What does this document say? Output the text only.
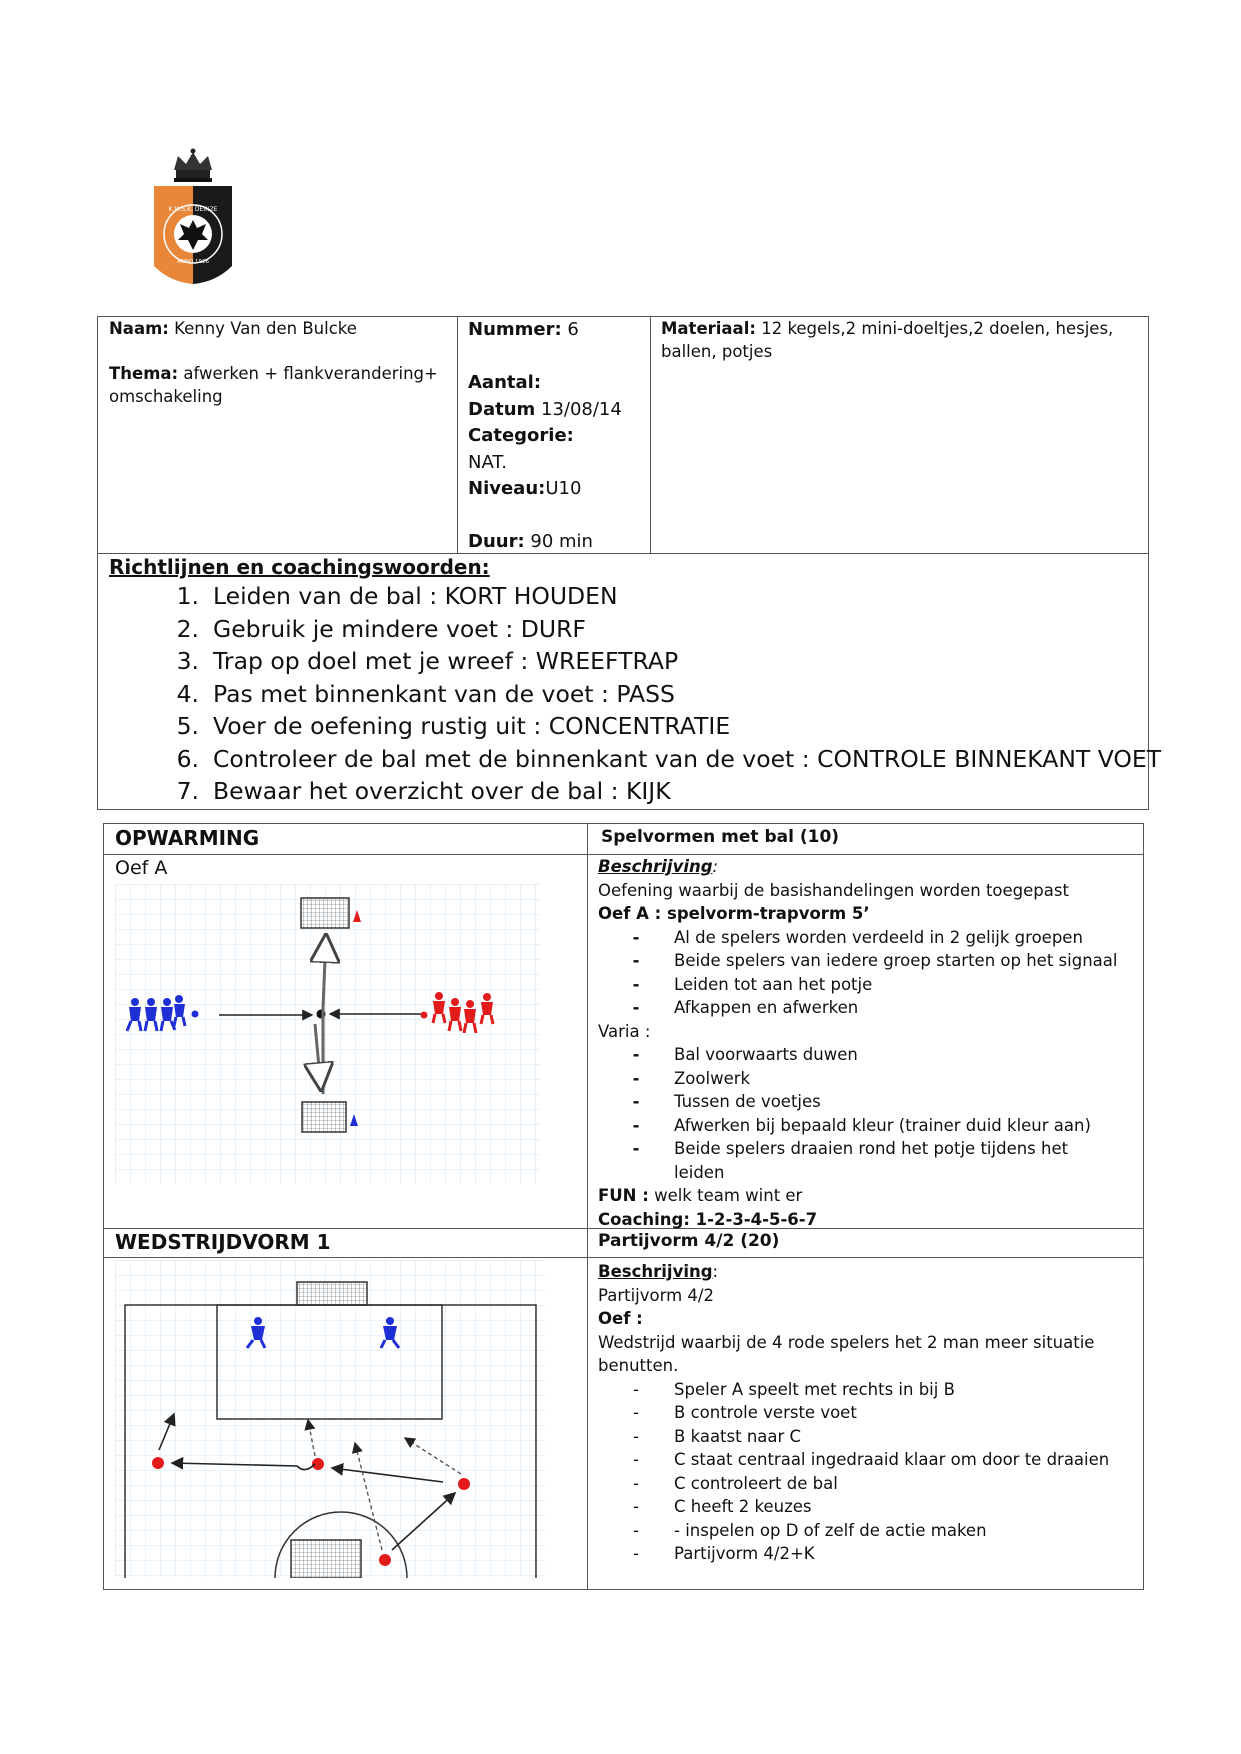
K.M.S.K. DEINZE
ANNO 1926
Naam: Kenny Van den Bulcke
Thema: afwerken + flankverandering+
omschakeling
Nummer: 6

Aantal:
Datum 13/08/14
Categorie:
NAT.
Niveau:U10

Duur: 90 min
Materiaal: 12 kegels,2 mini-doeltjes,2 doelen, hesjes,
ballen, potjes
Richtlijnen en coachingswoorden:
1. Leiden van de bal : KORT HOUDEN
2. Gebruik je mindere voet : DURF
3. Trap op doel met je wreef : WREEFTRAP
4. Pas met binnenkant van de voet : PASS
5. Voer de oefening rustig uit : CONCENTRATIE
6. Controleer de bal met de binnenkant van de voet : CONTROLE BINNEKANT VOET
7. Bewaar het overzicht over de bal : KIJK
OPWARMING
Oef A
Spelvormen met bal (10)

Beschrijving:

Oefening waarbij de basishandelingen worden toegepast

Oef A : spelvorm-trapvorm 5’

- Al de spelers worden verdeeld in 2 gelijk groepen

- Beide spelers van iedere groep starten op het signaal

- Leiden tot aan het potje

- Afkappen en afwerken

Varia :

- Bal voorwaarts duwen

- Zoolwerk

- Tussen de voetjes

- Afwerken bij bepaald kleur (trainer duid kleur aan)

- Beide spelers draaien rond het potje tijdens het

leiden

FUN : welk team wint er

Coaching: 1-2-3-4-5-6-7

WEDSTRIJDVORM 1	Partijvorm 4/2 (20)

Beschrijving:

Partijvorm 4/2

Oef :

Wedstrijd waarbij de 4 rode spelers het 2 man meer situatie

benutten.

- Speler A speelt met rechts in bij B

- B controle verste voet

- B kaatst naar C

- C staat centraal ingedraaid klaar om door te draaien

- C controleert de bal

- C heeft 2 keuzes

- - inspelen op D of zelf de actie maken

- Partijvorm 4/2+K
